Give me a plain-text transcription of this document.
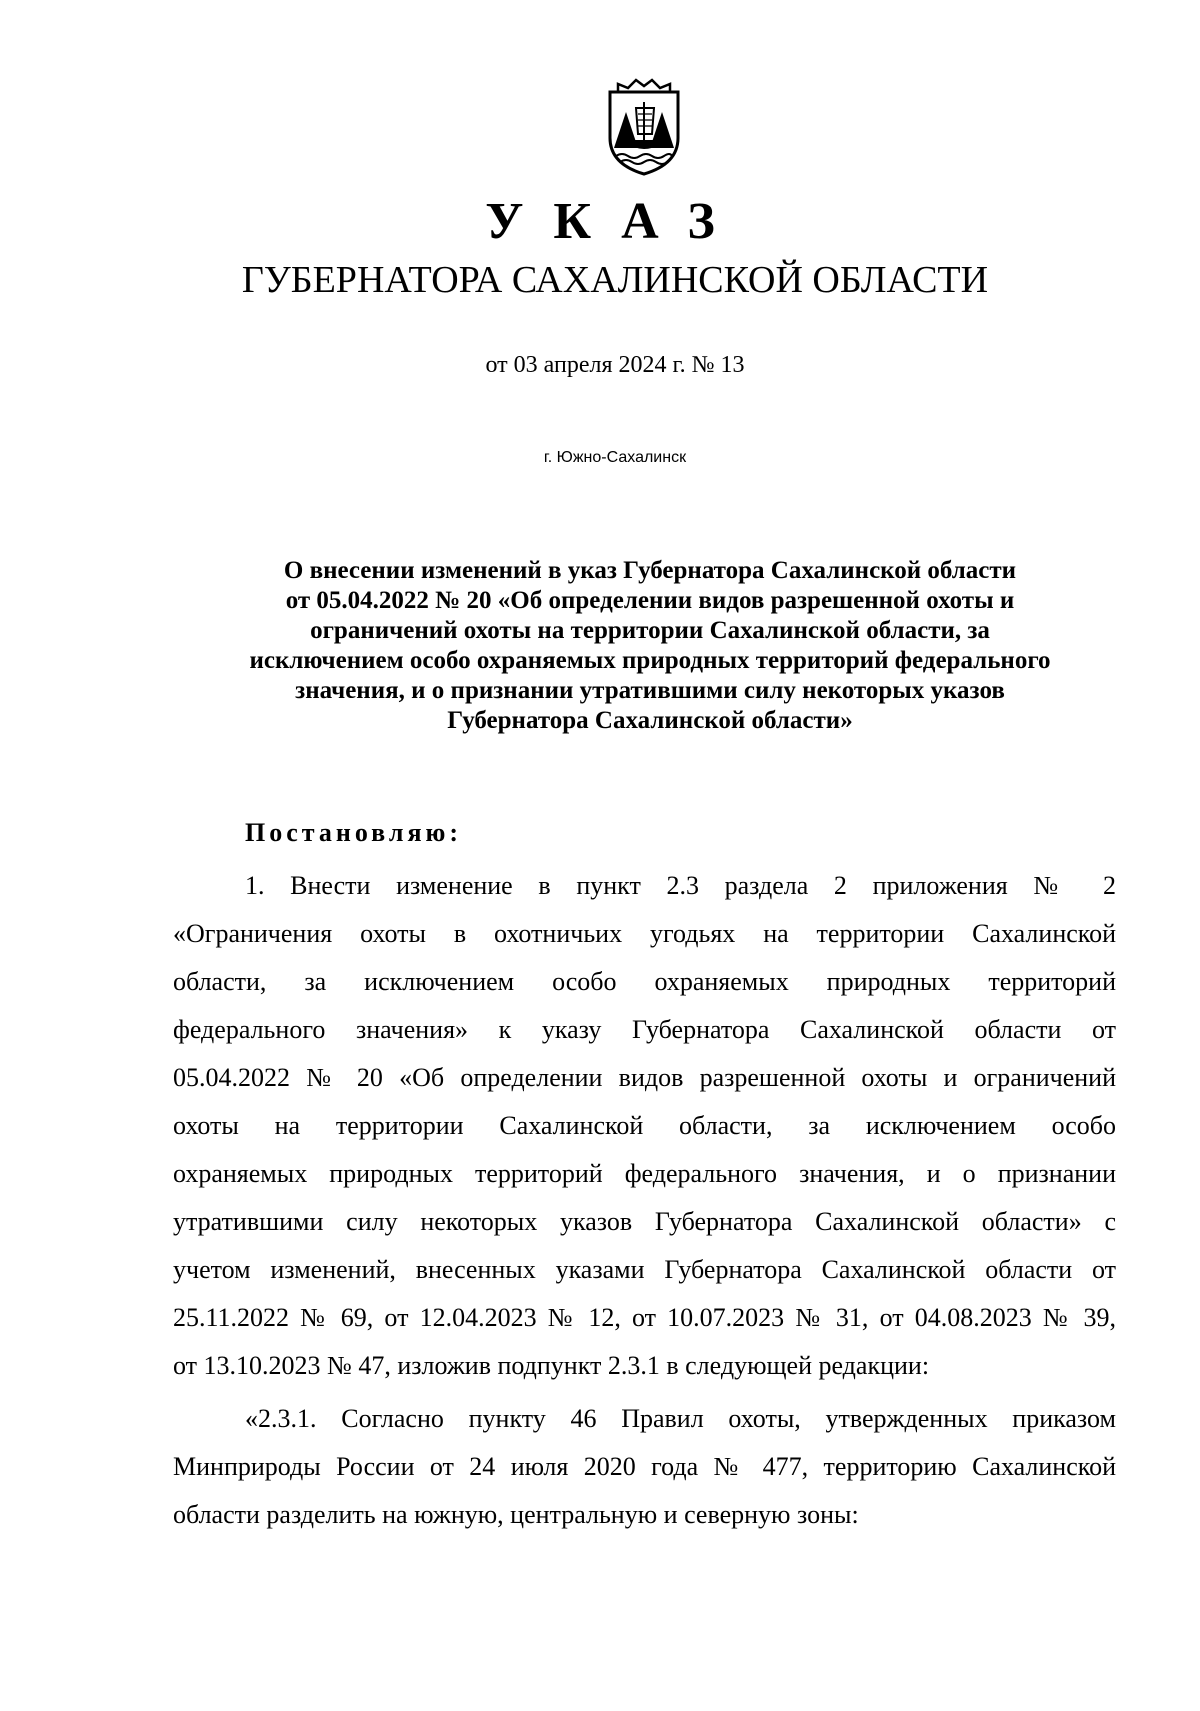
УКАЗ
ГУБЕРНАТОРА САХАЛИНСКОЙ ОБЛАСТИ
от 03 апреля 2024 г. № 13
г. Южно-Сахалинск
О внесении изменений в указ Губернатора Сахалинской области
от 05.04.2022 № 20 «Об определении видов разрешенной охоты и
ограничений охоты на территории Сахалинской области, за
исключением особо охраняемых природных территорий федерального
значения, и о признании утратившими силу некоторых указов
Губернатора Сахалинской области»
Постановляю:
1. Внести изменение в пункт 2.3 раздела 2 приложения № 2
«Ограничения охоты в охотничьих угодьях на территории Сахалинской
области, за исключением особо охраняемых природных территорий
федерального значения» к указу Губернатора Сахалинской области от
05.04.2022 № 20 «Об определении видов разрешенной охоты и ограничений
охоты на территории Сахалинской области, за исключением особо
охраняемых природных территорий федерального значения, и о признании
утратившими силу некоторых указов Губернатора Сахалинской области» с
учетом изменений, внесенных указами Губернатора Сахалинской области от
25.11.2022 № 69, от 12.04.2023 № 12, от 10.07.2023 № 31, от 04.08.2023 № 39,
от 13.10.2023 № 47, изложив подпункт 2.3.1 в следующей редакции:
«2.3.1. Согласно пункту 46 Правил охоты, утвержденных приказом
Минприроды России от 24 июля 2020 года № 477, территорию Сахалинской
области разделить на южную, центральную и северную зоны:
